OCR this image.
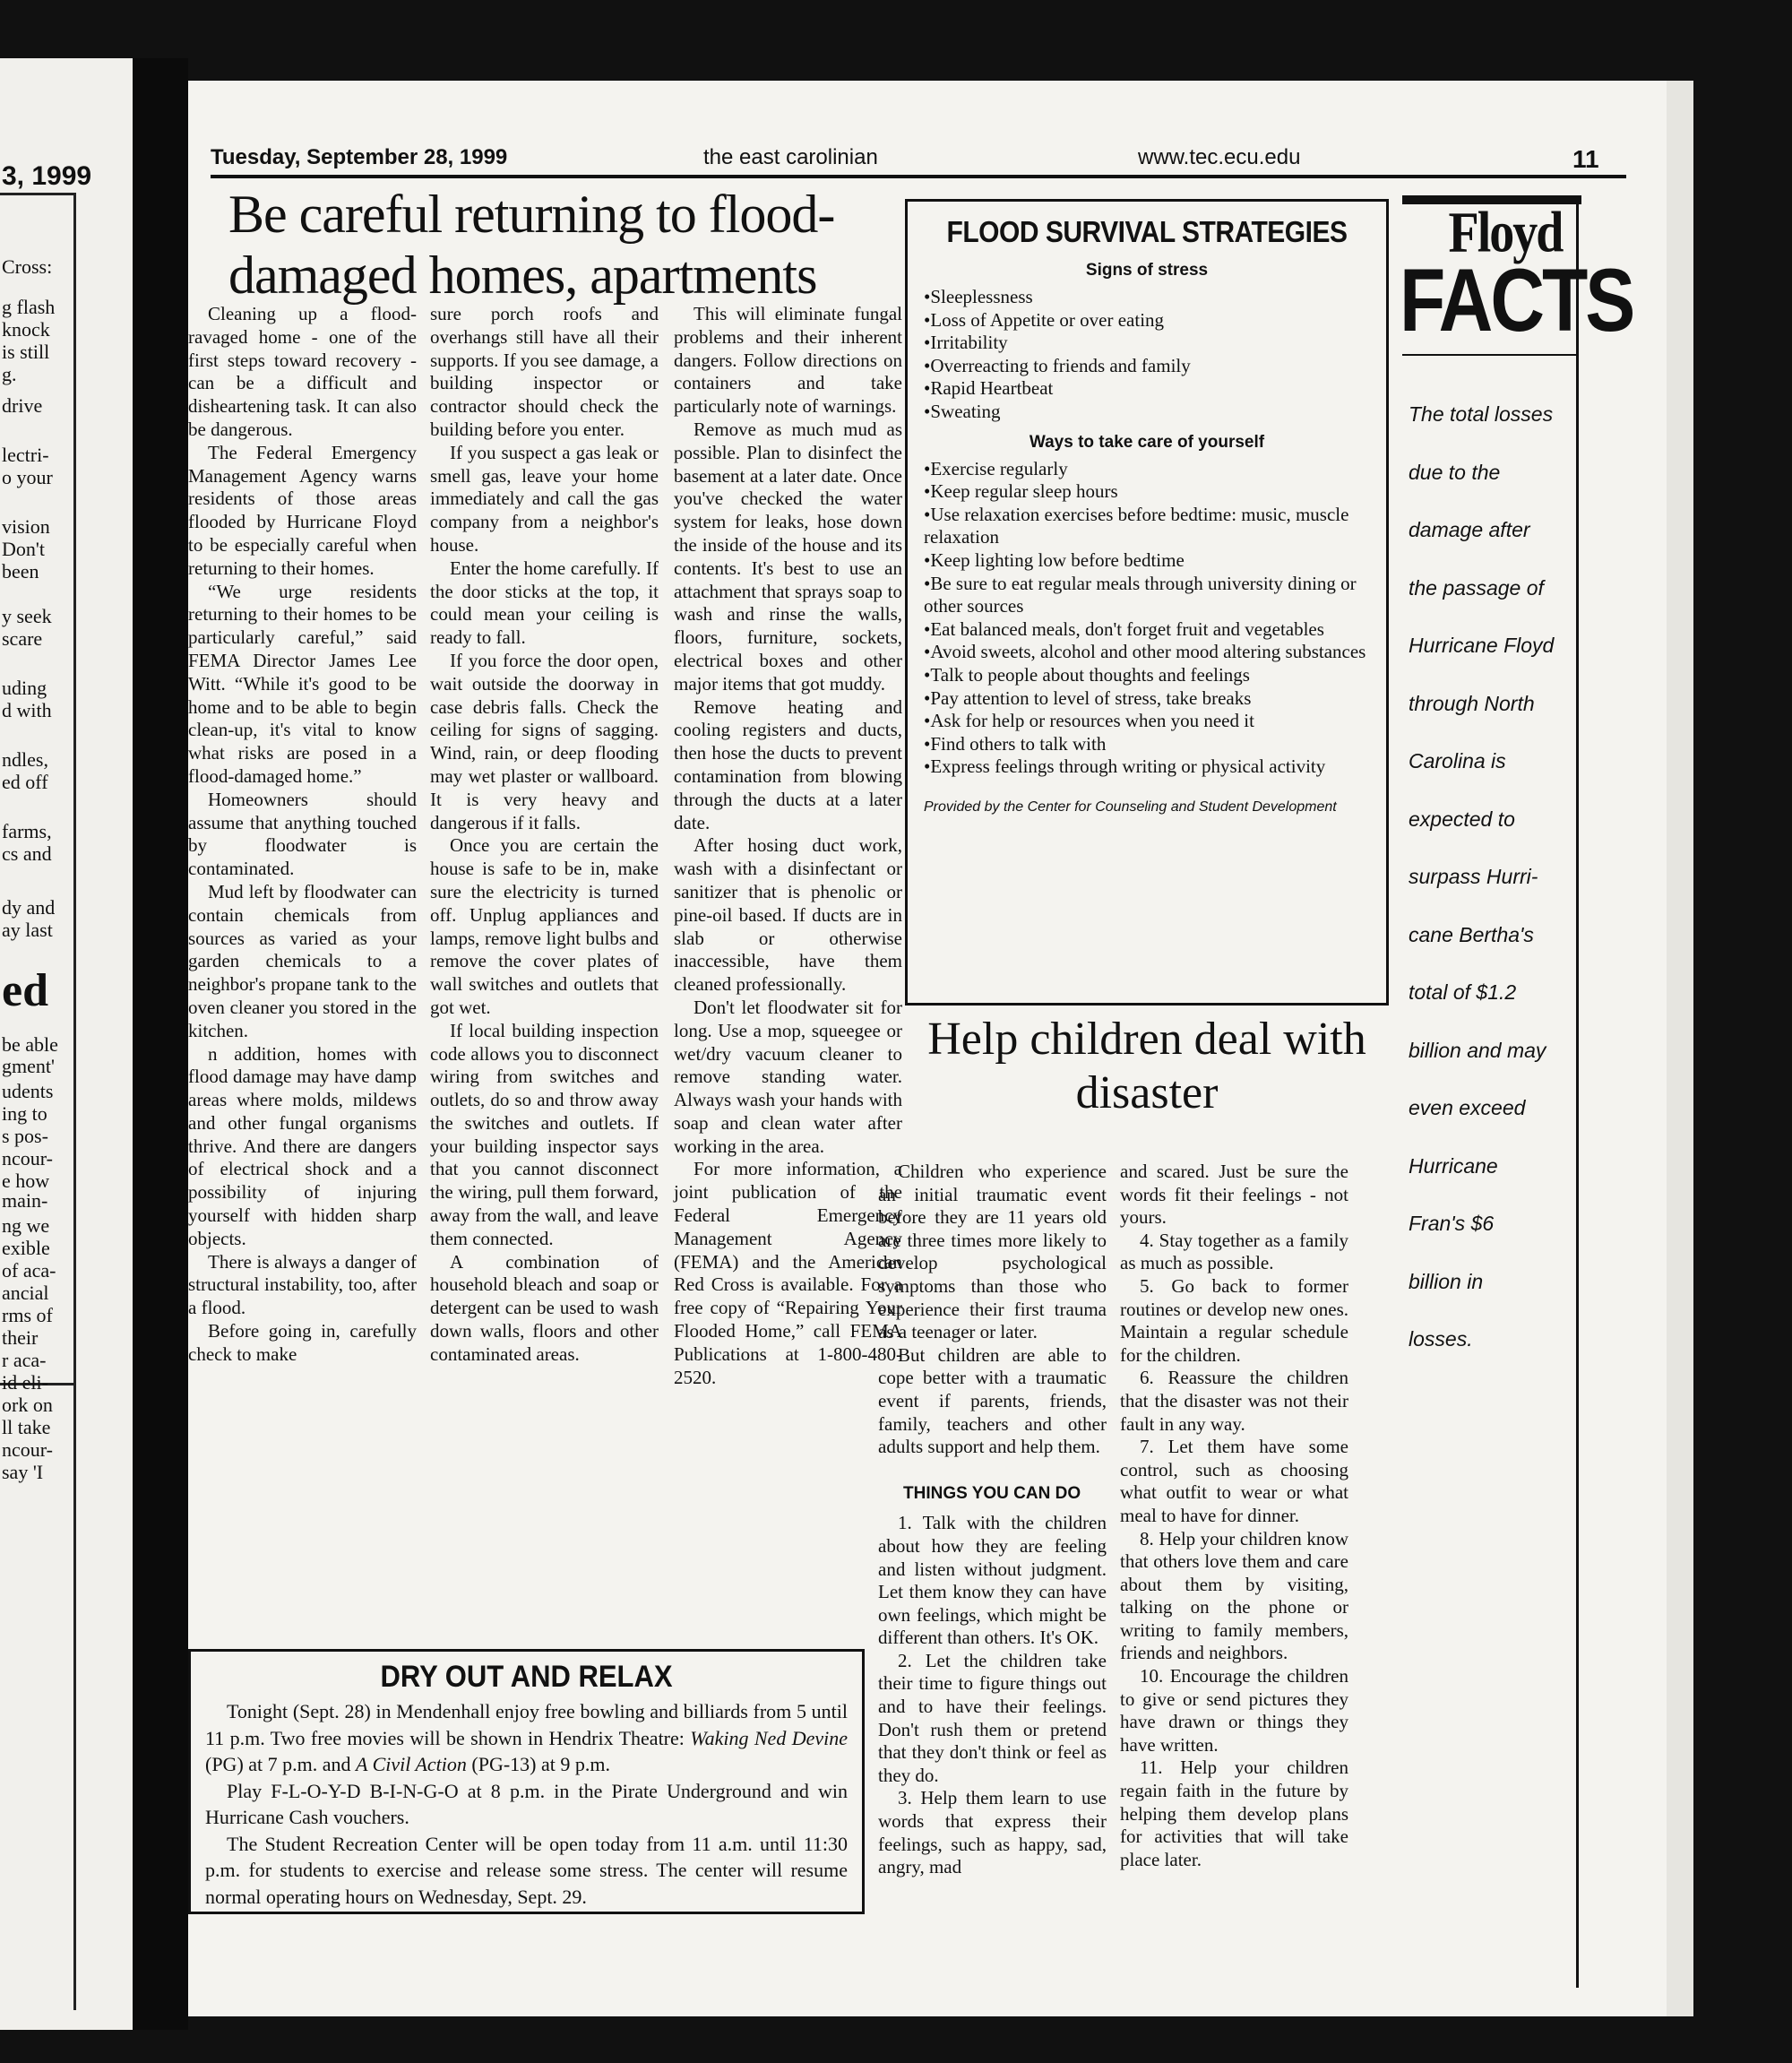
3, 1999
Cross:
g flash
knock
is still
g.
drive
lectri-
o your
vision
Don't
been
y seek
scare
uding
d with
ndles,
ed off
farms,
cs and
dy and
ay last
ed
be able
gment'
udents
ing to
s pos-
ncour-
e how
main-
ng we
exible
of aca-
ancial
rms of
their
r aca-
id eli-
ork on
ll take
ncour-
say 'I
Tuesday, September 28, 1999	the east carolinian	www.tec.ecu.edu	11
Be careful returning to flood-damaged homes, apartments

Cleaning up a flood-ravaged home - one of the first steps toward recovery - can be a difficult and disheartening task. It can also be dangerous.

The Federal Emergency Management Agency warns residents of those areas flooded by Hurricane Floyd to be especially careful when returning to their homes.

“We urge residents returning to their homes to be particularly careful,” said FEMA Director James Lee Witt. “While it's good to be home and to be able to begin clean-up, it's vital to know what risks are posed in a flood-damaged home.”

Homeowners should assume that anything touched by floodwater is contaminated.

Mud left by floodwater can contain chemicals from sources as varied as your garden chemicals to a neighbor's propane tank to the oven cleaner you stored in the kitchen.

n addition, homes with flood damage may have damp areas where molds, mildews and other fungal organisms thrive. And there are dangers of electrical shock and a possibility of injuring yourself with hidden sharp objects.

There is always a danger of structural instability, too, after a flood.

Before going in, carefully check to make

sure porch roofs and overhangs still have all their supports. If you see damage, a building inspector or contractor should check the building before you enter.

If you suspect a gas leak or smell gas, leave your home immediately and call the gas company from a neighbor's house.

Enter the home carefully. If the door sticks at the top, it could mean your ceiling is ready to fall.

If you force the door open, wait outside the doorway in case debris falls. Check the ceiling for signs of sagging. Wind, rain, or deep flooding may wet plaster or wallboard. It is very heavy and dangerous if it falls.

Once you are certain the house is safe to be in, make sure the electricity is turned off. Unplug appliances and lamps, remove light bulbs and remove the cover plates of wall switches and outlets that got wet.

If local building inspection code allows you to disconnect wiring from switches and outlets, do so and throw away the switches and outlets. If your building inspector says that you cannot disconnect the wiring, pull them forward, away from the wall, and leave them connected.

A combination of household bleach and soap or detergent can be used to wash down walls, floors and other contaminated areas.

This will eliminate fungal problems and their inherent dangers. Follow directions on containers and take particularly note of warnings.

Remove as much mud as possible. Plan to disinfect the basement at a later date. Once you've checked the water system for leaks, hose down the inside of the house and its contents. It's best to use an attachment that sprays soap to wash and rinse the walls, floors, furniture, sockets, electrical boxes and other major items that got muddy.

Remove heating and cooling registers and ducts, then hose the ducts to prevent contamination from blowing through the ducts at a later date.

After hosing duct work, wash with a disinfectant or sanitizer that is phenolic or pine-oil based. If ducts are in slab or otherwise inaccessible, have them cleaned professionally.

Don't let floodwater sit for long. Use a mop, squeegee or wet/dry vacuum cleaner to remove standing water. Always wash your hands with soap and clean water after working in the area.

For more information, a joint publication of the Federal Emergency Management Agency (FEMA) and the American Red Cross is available. For a free copy of “Repairing Your Flooded Home,” call FEMA Publications at 1-800-480-2520.

FLOOD SURVIVAL STRATEGIES
Signs of stress
• Sleeplessness
• Loss of Appetite or over eating
• Irritability
• Overreacting to friends and family
• Rapid Heartbeat
• Sweating
Ways to take care of yourself
• Exercise regularly
• Keep regular sleep hours
• Use relaxation exercises before bedtime: music, muscle relaxation
• Keep lighting low before bedtime
• Be sure to eat regular meals through university dining or other sources
• Eat balanced meals, don't forget fruit and vegetables
• Avoid sweets, alcohol and other mood altering substances
• Talk to people about thoughts and feelings
• Pay attention to level of stress, take breaks
• Ask for help or resources when you need it
• Find others to talk with
• Express feelings through writing or physical activity
Provided by the Center for Counseling and Student Development
Help children deal with disaster

Children who experience an initial traumatic event before they are 11 years old are three times more likely to develop psychological symptoms than those who experience their first trauma as a teenager or later.

But children are able to cope better with a traumatic event if parents, friends, family, teachers and other adults support and help them.

THINGS YOU CAN DO

1. Talk with the children about how they are feeling and listen without judgment. Let them know they can have own feelings, which might be different than others. It's OK.

2. Let the children take their time to figure things out and to have their feelings. Don't rush them or pretend that they don't think or feel as they do.

3. Help them learn to use words that express their feelings, such as happy, sad, angry, mad

and scared. Just be sure the words fit their feelings - not yours.

4. Stay together as a family as much as possible.

5. Go back to former routines or develop new ones. Maintain a regular schedule for the children.

6. Reassure the children that the disaster was not their fault in any way.

7. Let them have some control, such as choosing what outfit to wear or what meal to have for dinner.

8. Help your children know that others love them and care about them by visiting, talking on the phone or writing to family members, friends and neighbors.

10. Encourage the children to give or send pictures they have drawn or things they have written.

11. Help your children regain faith in the future by helping them develop plans for activities that will take place later.

Floyd
FACTS
The total losses
due to the
damage after
the passage of
Hurricane Floyd
through North
Carolina is
expected to
surpass Hurri-
cane Bertha's
total of $1.2
billion and may
even exceed
Hurricane
Fran's $6
billion in
losses.
DRY OUT AND RELAX

Tonight (Sept. 28) in Mendenhall enjoy free bowling and billiards from 5 until 11 p.m. Two free movies will be shown in Hendrix Theatre: Waking Ned Devine (PG) at 7 p.m. and A Civil Action (PG-13) at 9 p.m.

Play F-L-O-Y-D B-I-N-G-O at 8 p.m. in the Pirate Underground and win Hurricane Cash vouchers.

The Student Recreation Center will be open today from 11 a.m. until 11:30 p.m. for students to exercise and release some stress. The center will resume normal operating hours on Wednesday, Sept. 29.
